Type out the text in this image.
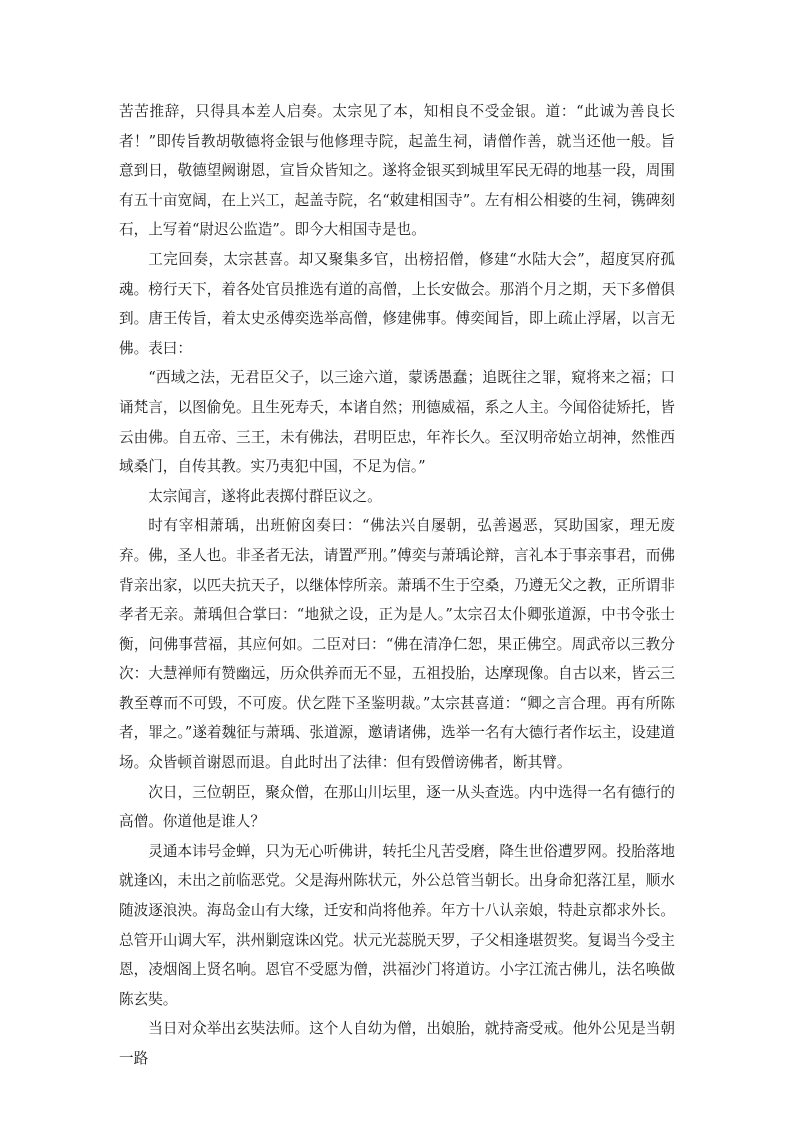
苦苦推辞，只得具本差人启奏。太宗见了本，知相良不受金银。道：“此诚为善良长者！”即传旨教胡敬德将金银与他修理寺院，起盖生祠，请僧作善，就当还他一般。旨意到日，敬德望阙谢恩，宣旨众皆知之。遂将金银买到城里军民无碍的地基一段，周围有五十亩宽阔，在上兴工，起盖寺院，名“敕建相国寺”。左有相公相婆的生祠，镌碑刻石，上写着“尉迟公监造”。即今大相国寺是也。

工完回奏，太宗甚喜。却又聚集多官，出榜招僧，修建“水陆大会”，超度冥府孤魂。榜行天下，着各处官员推选有道的高僧，上长安做会。那消个月之期，天下多僧俱到。唐王传旨，着太史丞傅奕选举高僧，修建佛事。傅奕闻旨，即上疏止浮屠，以言无佛。表曰：

“西域之法，无君臣父子，以三途六道，蒙诱愚蠢；追既往之罪，窥将来之福；口诵梵言，以图偷免。且生死寿夭，本诸自然；刑德威福，系之人主。今闻俗徒矫托，皆云由佛。自五帝、三王，未有佛法，君明臣忠，年祚长久。至汉明帝始立胡神，然惟西域桑门，自传其教。实乃夷犯中国，不足为信。”

太宗闻言，遂将此表掷付群臣议之。

时有宰相萧瑀，出班俯囟奏曰：“佛法兴自屡朝，弘善遏恶，冥助国家，理无废弃。佛，圣人也。非圣者无法，请置严刑。”傅奕与萧瑀论辩，言礼本于事亲事君，而佛背亲出家，以匹夫抗天子，以继体悖所亲。萧瑀不生于空桑，乃遵无父之教，正所谓非孝者无亲。萧瑀但合掌曰：“地狱之设，正为是人。”太宗召太仆卿张道源，中书令张士衡，问佛事营福，其应何如。二臣对曰：“佛在清净仁恕，果正佛空。周武帝以三教分次：大慧禅师有赞幽远，历众供养而无不显，五祖投胎，达摩现像。自古以来，皆云三教至尊而不可毁，不可废。伏乞陛下圣鉴明裁。”太宗甚喜道：“卿之言合理。再有所陈者，罪之。”遂着魏征与萧瑀、张道源，邀请诸佛，选举一名有大德行者作坛主，设建道场。众皆顿首谢恩而退。自此时出了法律：但有毁僧谤佛者，断其臂。

次日，三位朝臣，聚众僧，在那山川坛里，逐一从头查选。内中选得一名有德行的高僧。你道他是谁人？

灵通本讳号金蝉，只为无心听佛讲，转托尘凡苦受磨，降生世俗遭罗网。投胎落地就逢凶，未出之前临恶党。父是海州陈状元，外公总管当朝长。出身命犯落江星，顺水随波逐浪泱。海岛金山有大缘，迁安和尚将他养。年方十八认亲娘，特赴京都求外长。总管开山调大军，洪州剿寇诛凶党。状元光蕊脱天罗，子父相逢堪贺奖。复谒当今受主恩，凌烟阁上贤名响。恩官不受愿为僧，洪福沙门将道访。小字江流古佛儿，法名唤做陈玄奘。

当日对众举出玄奘法师。这个人自幼为僧，出娘胎，就持斋受戒。他外公见是当朝一路
